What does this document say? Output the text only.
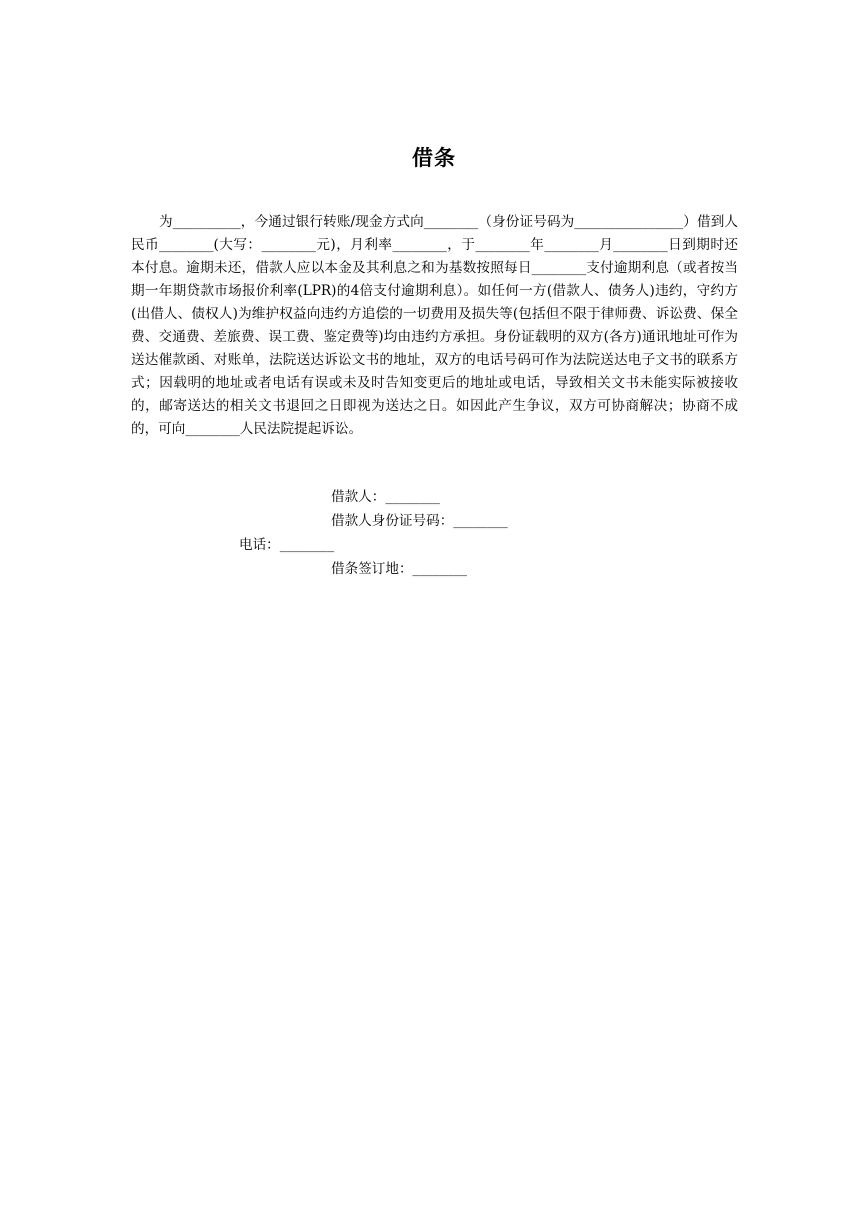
借条

为__________，今通过银行转账/现金方式向________（身份证号码为________________）借到人民币________(大写：________元)，月利率________，于________年________月________日到期时还本付息。逾期未还，借款人应以本金及其利息之和为基数按照每日________支付逾期利息（或者按当期一年期贷款市场报价利率(LPR)的4倍支付逾期利息）。如任何一方(借款人、债务人)违约，守约方(出借人、债权人)为维护权益向违约方追偿的一切费用及损失等(包括但不限于律师费、诉讼费、保全费、交通费、差旅费、误工费、鉴定费等)均由违约方承担。身份证载明的双方(各方)通讯地址可作为送达催款函、对账单，法院送达诉讼文书的地址，双方的电话号码可作为法院送达电子文书的联系方式；因载明的地址或者电话有误或未及时告知变更后的地址或电话，导致相关文书未能实际被接收的，邮寄送达的相关文书退回之日即视为送达之日。如因此产生争议，双方可协商解决；协商不成的，可向________人民法院提起诉讼。

借款人：________
借款人身份证号码：________
电话：________
借条签订地：________
